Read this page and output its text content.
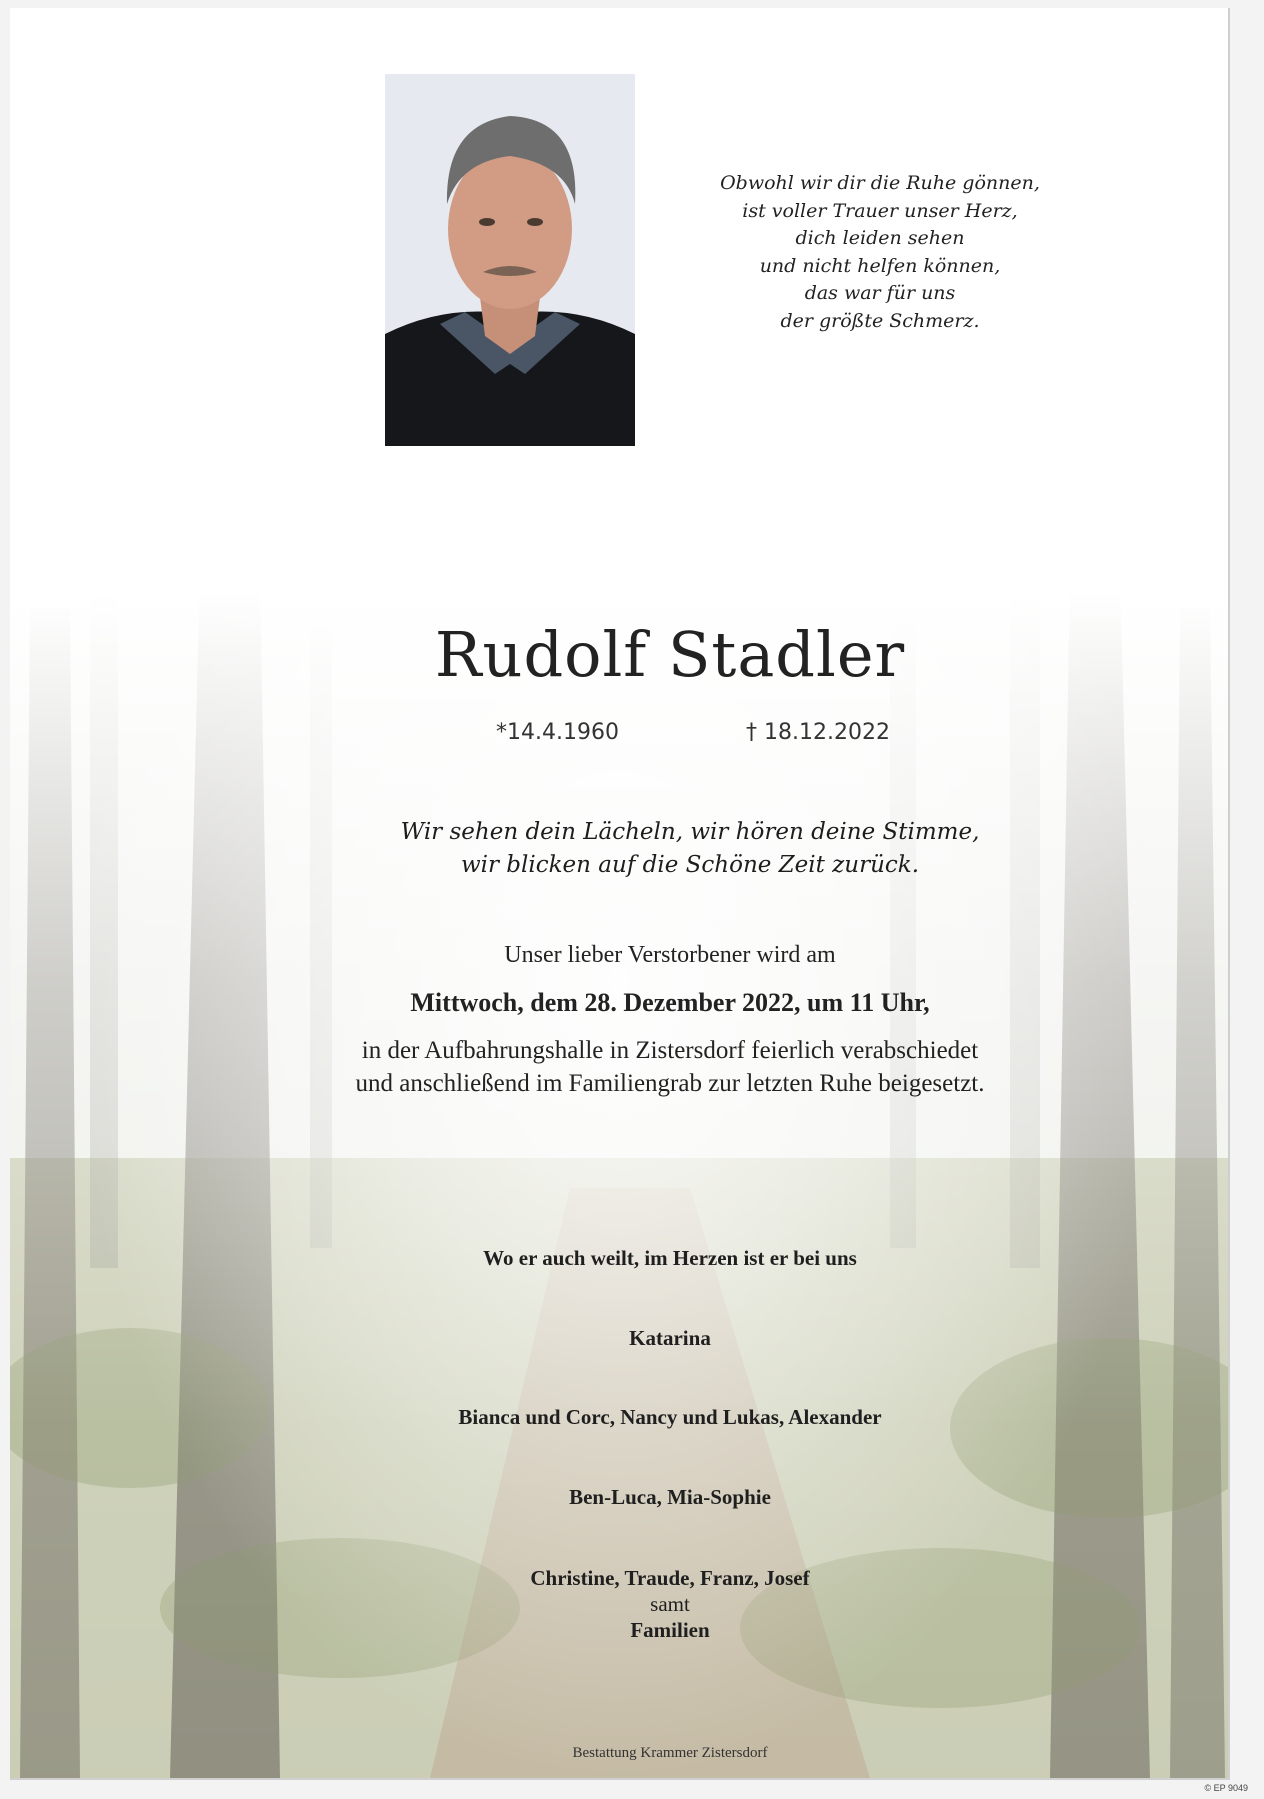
Obwohl wir dir die Ruhe gönnen,
ist voller Trauer unser Herz,
dich leiden sehen
und nicht helfen können,
das war für uns
der größte Schmerz.
Rudolf Stadler
*14.4.1960	† 18.12.2022
Wir sehen dein Lächeln, wir hören deine Stimme,
wir blicken auf die Schöne Zeit zurück.
Unser lieber Verstorbener wird am
Mittwoch, dem 28. Dezember 2022, um 11 Uhr,
in der Aufbahrungshalle in Zistersdorf feierlich verabschiedet
und anschließend im Familiengrab zur letzten Ruhe beigesetzt.
Wo er auch weilt, im Herzen ist er bei uns
Katarina
Bianca und Corc, Nancy und Lukas, Alexander
Ben-Luca, Mia-Sophie
Christine, Traude, Franz, Josef
samt
Familien
Bestattung Krammer Zistersdorf
© EP 9049
